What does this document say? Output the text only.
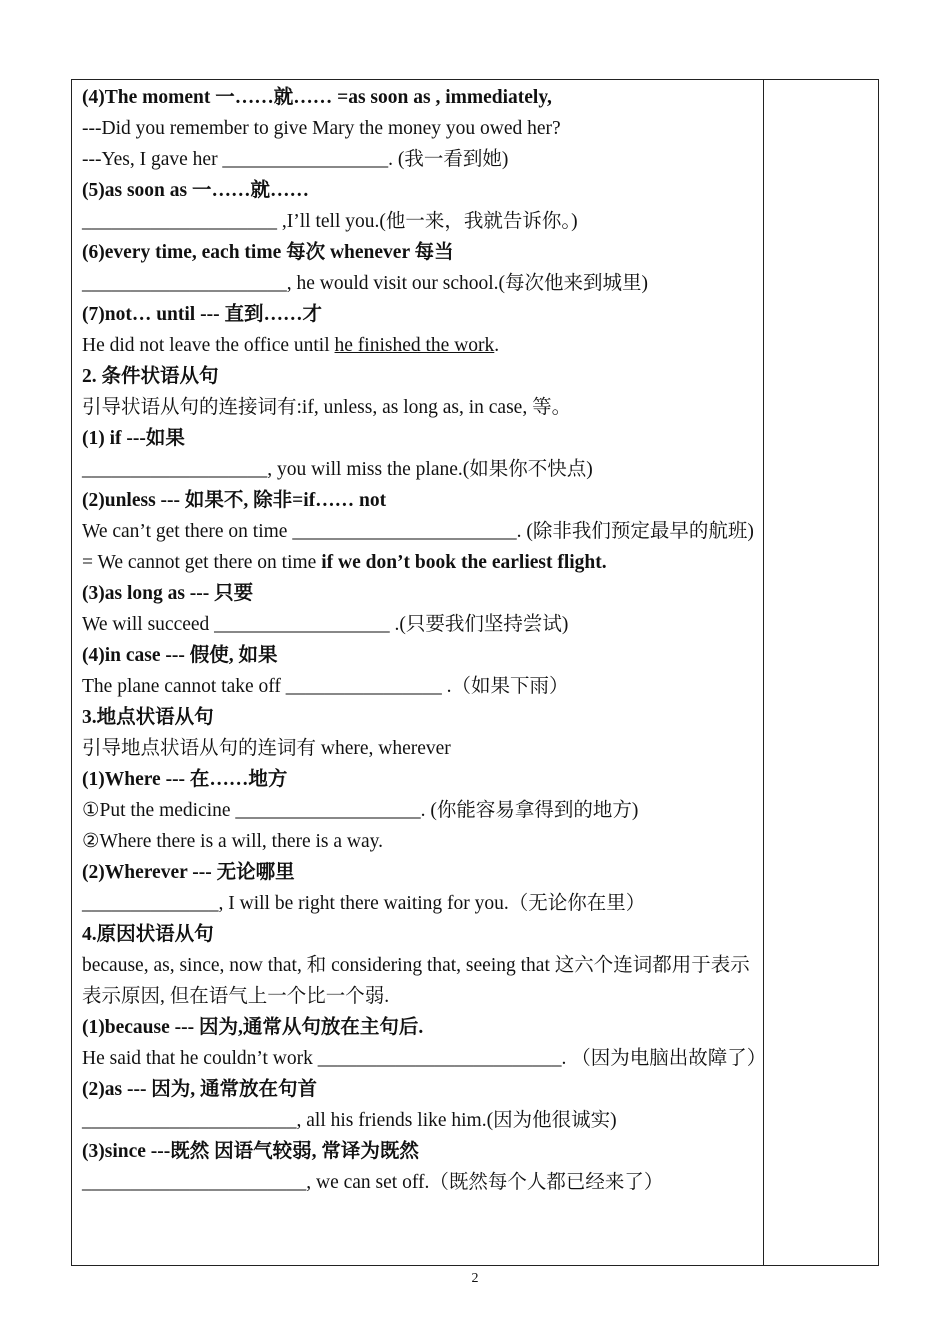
(4)The moment 一……就…… =as soon as , immediately,
---Did you remember to give Mary the money you owed her?
---Yes, I gave her _________________. (我一看到她)
(5)as soon as 一……就……
____________________ ,I’ll tell you.(他一来，我就告诉你。)
(6)every time, each time 每次 whenever 每当
_____________________, he would visit our school.(每次他来到城里)
(7)not… until --- 直到……才
He did not leave the office until he finished the work.
2. 条件状语从句
引导状语从句的连接词有:if, unless, as long as, in case, 等。
(1) if ---如果
___________________, you will miss the plane.(如果你不快点)
(2)unless --- 如果不, 除非=if…… not
We can’t get there on time _______________________. (除非我们预定最早的航班)
= We cannot get there on time if we don’t book the earliest flight.
(3)as long as --- 只要
We will succeed __________________ .(只要我们坚持尝试)
(4)in case --- 假使, 如果
The plane cannot take off ________________ .（如果下雨）
3.地点状语从句
引导地点状语从句的连词有 where, wherever
(1)Where --- 在……地方
①Put the medicine ___________________. (你能容易拿得到的地方)
②Where there is a will, there is a way.
(2)Wherever --- 无论哪里
______________, I will be right there waiting for you.（无论你在里）
4.原因状语从句
because, as, since, now that, 和 considering that, seeing that 这六个连词都用于表示表示原因, 但在语气上一个比一个弱.
(1)because --- 因为,通常从句放在主句后.
He said that he couldn’t work _________________________. （因为电脑出故障了）
(2)as --- 因为, 通常放在句首
______________________, all his friends like him.(因为他很诚实)
(3)since ---既然 因语气较弱, 常译为既然
_______________________, we can set off.（既然每个人都已经来了）
2
